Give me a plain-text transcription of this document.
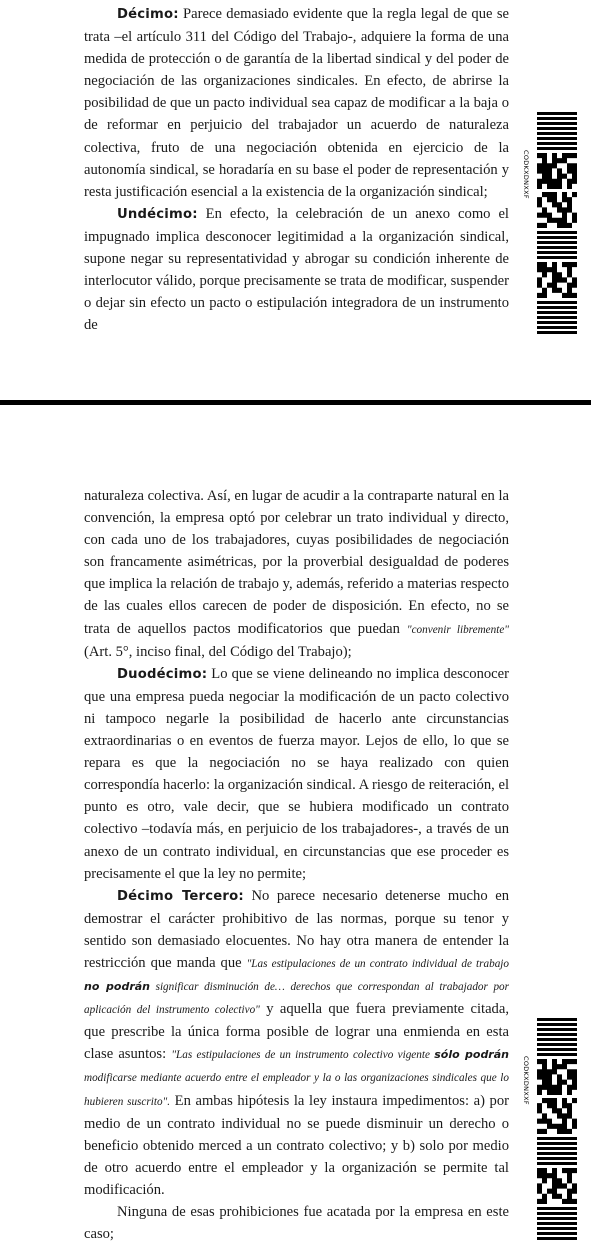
Décimo: Parece demasiado evidente que la regla legal de que se trata –el artículo 311 del Código del Trabajo-, adquiere la forma de una medida de protección o de garantía de la libertad sindical y del poder de negociación de las organizaciones sindicales. En efecto, de abrirse la posibilidad de que un pacto individual sea capaz de modificar a la baja o de reformar en perjuicio del trabajador un acuerdo de naturaleza colectiva, fruto de una negociación obtenida en ejercicio de la autonomía sindical, se horadaría en su base el poder de representación y resta justificación esencial a la existencia de la organización sindical;

Undécimo: En efecto, la celebración de un anexo como el impugnado implica desconocer legitimidad a la organización sindical, supone negar su representatividad y abrogar su condición inherente de interlocutor válido, porque precisamente se trata de modificar, suspender o dejar sin efecto un pacto o estipulación integradora de un instrumento de

CODKXDNXXF

naturaleza colectiva. Así, en lugar de acudir a la contraparte natural en la convención, la empresa optó por celebrar un trato individual y directo, con cada uno de los trabajadores, cuyas posibilidades de negociación son francamente asimétricas, por la proverbial desigualdad de poderes que implica la relación de trabajo y, además, referido a materias respecto de las cuales ellos carecen de poder de disposición. En efecto, no se trata de aquellos pactos modificatorios que puedan "convenir libremente" (Art. 5°, inciso final, del Código del Trabajo);

Duodécimo: Lo que se viene delineando no implica desconocer que una empresa pueda negociar la modificación de un pacto colectivo ni tampoco negarle la posibilidad de hacerlo ante circunstancias extraordinarias o en eventos de fuerza mayor. Lejos de ello, lo que se repara es que la negociación no se haya realizado con quien correspondía hacerlo: la organización sindical. A riesgo de reiteración, el punto es otro, vale decir, que se hubiera modificado un contrato colectivo –todavía más, en perjuicio de los trabajadores-, a través de un anexo de un contrato individual, en circunstancias que ese proceder es precisamente el que la ley no permite;

Décimo Tercero: No parece necesario detenerse mucho en demostrar el carácter prohibitivo de las normas, porque su tenor y sentido son demasiado elocuentes. No hay otra manera de entender la restricción que manda que "Las estipulaciones de un contrato individual de trabajo no podrán significar disminución de… derechos que correspondan al trabajador por aplicación del instrumento colectivo" y aquella que fuera previamente citada, que prescribe la única forma posible de lograr una enmienda en esta clase asuntos: "Las estipulaciones de un instrumento colectivo vigente sólo podrán modificarse mediante acuerdo entre el empleador y la o las organizaciones sindicales que lo hubieren suscrito". En ambas hipótesis la ley instaura impedimentos: a) por medio de un contrato individual no se puede disminuir un derecho o beneficio obtenido merced a un contrato colectivo; y b) solo por medio de otro acuerdo entre el empleador y la organización se permite tal modificación.

Ninguna de esas prohibiciones fue acatada por la empresa en este caso;

CODKXDNXXF
